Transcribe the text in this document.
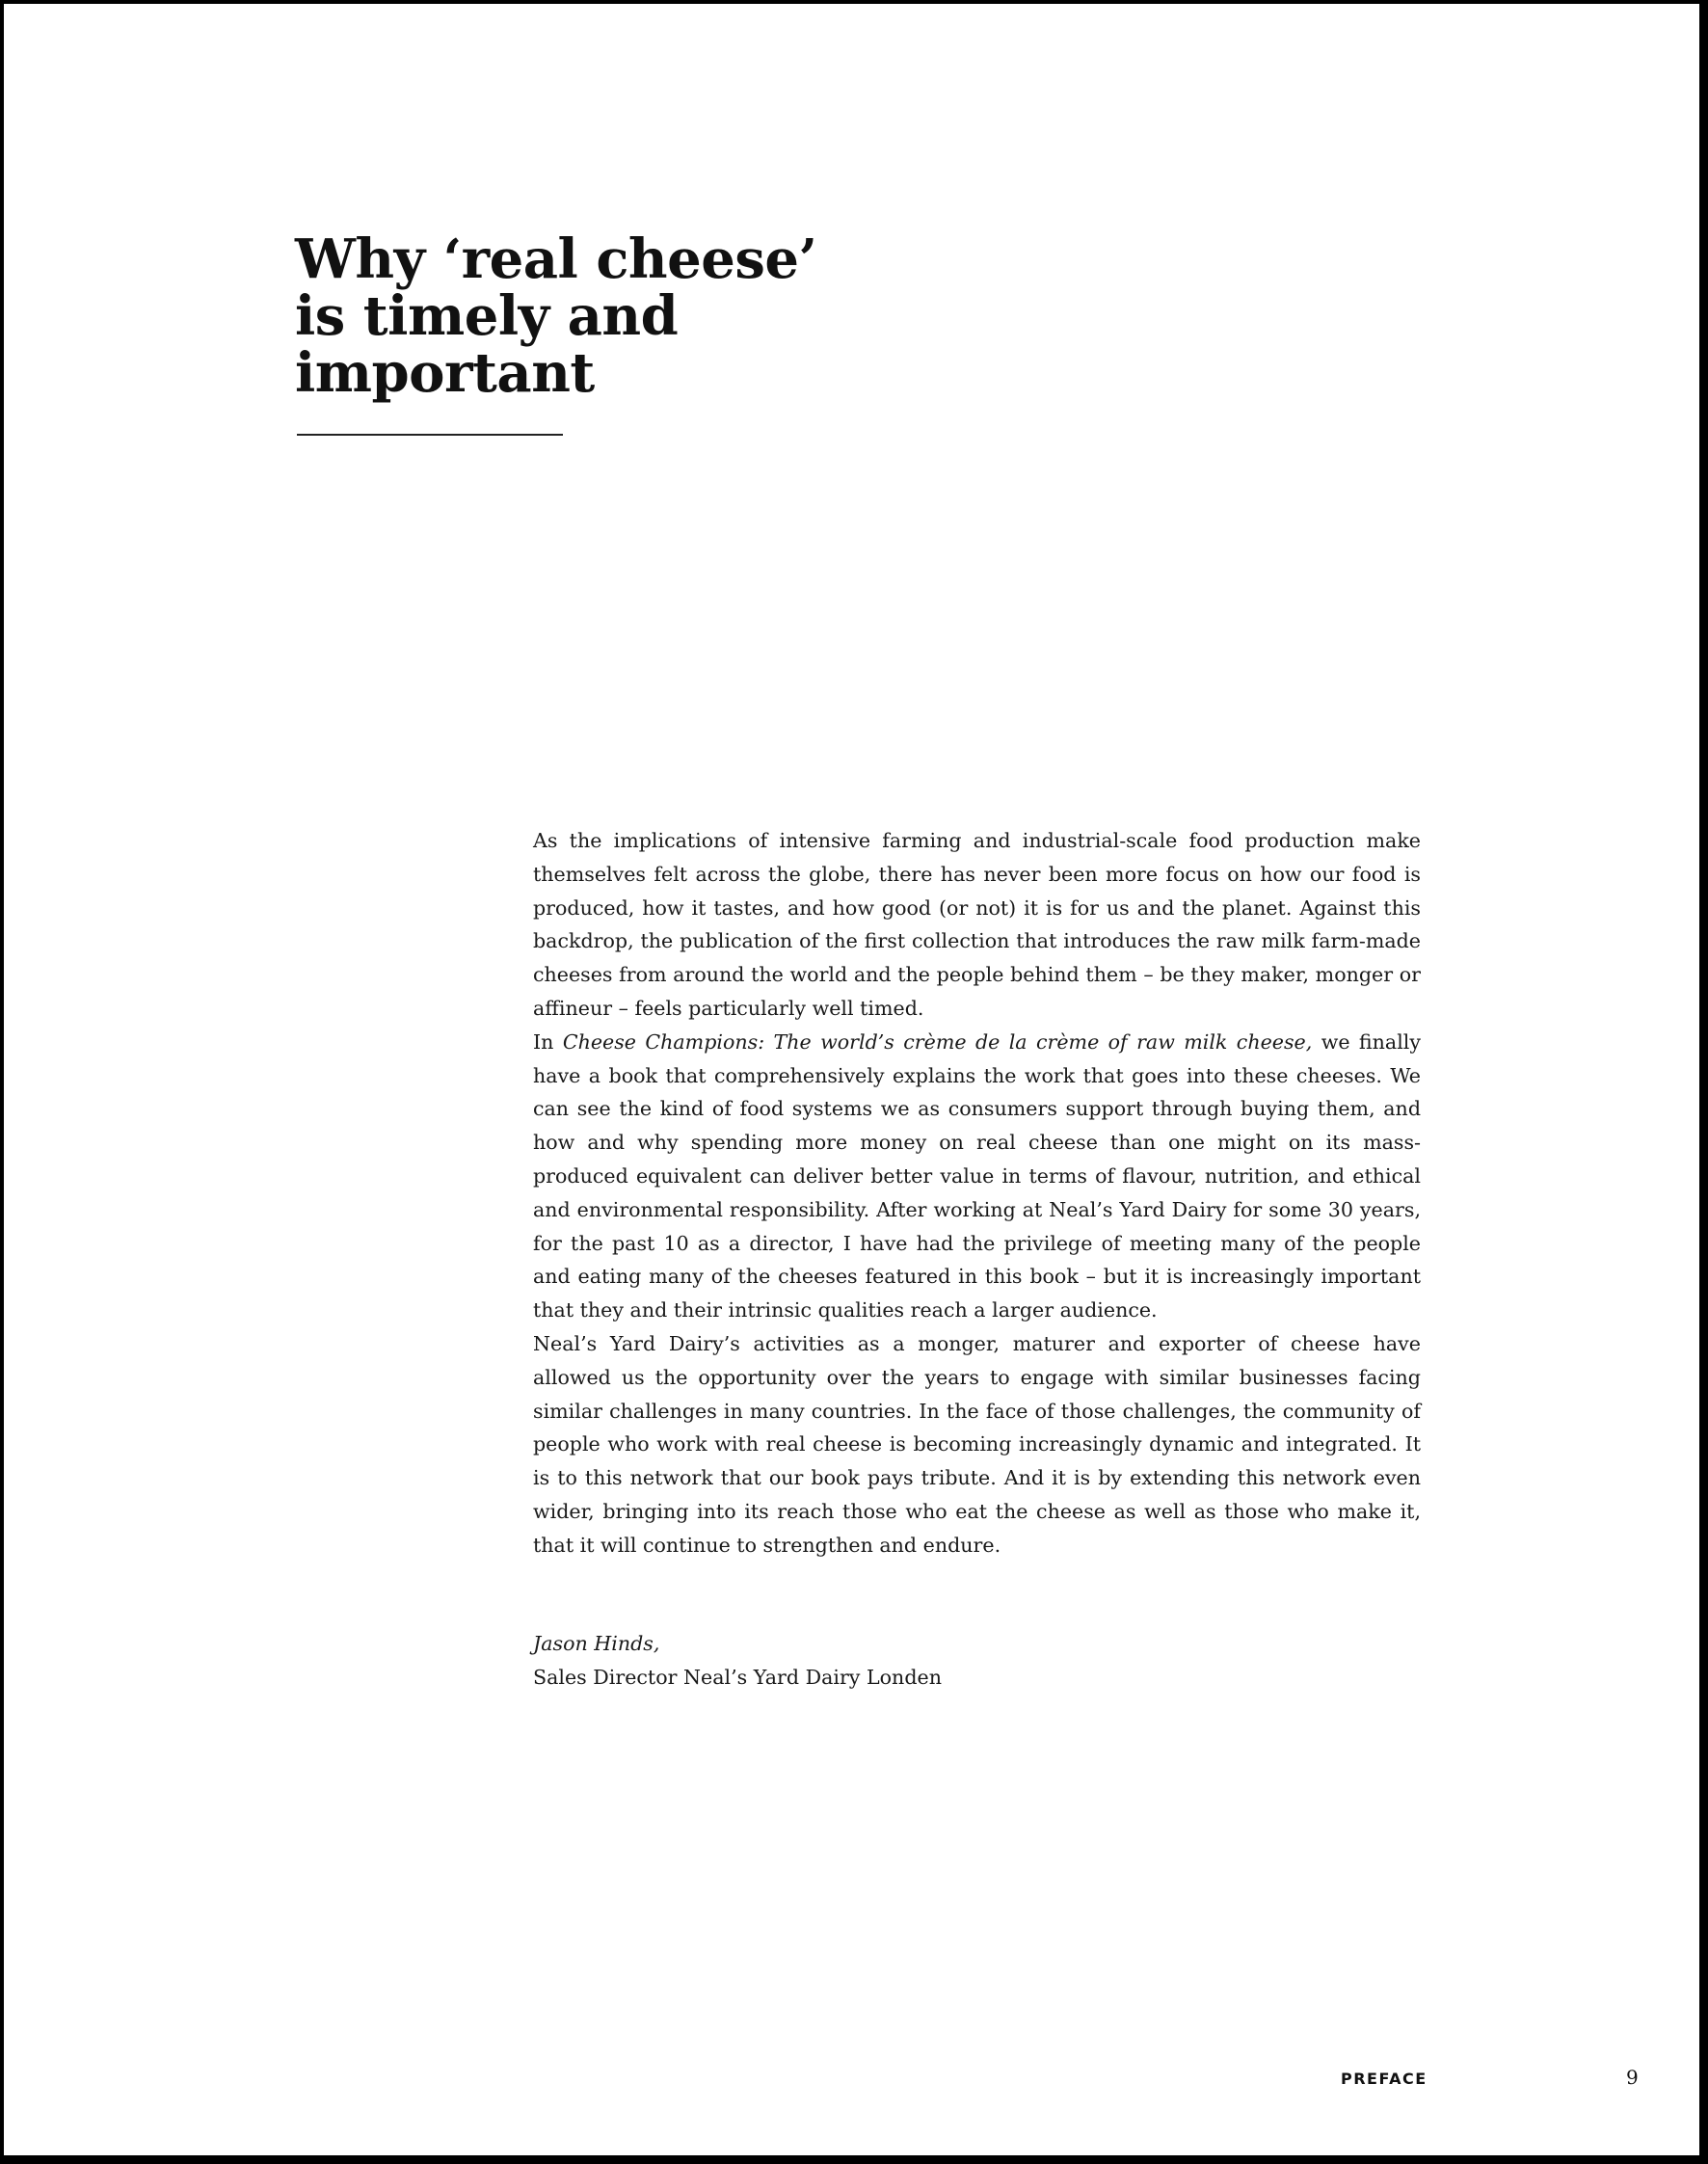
Why ‘real cheese’
is timely and
important

As the implications of intensive farming and industrial-scale food production make themselves felt across the globe, there has never been more focus on how our food is produced, how it tastes, and how good (or not) it is for us and the planet. Against this backdrop, the publication of the first collection that introduces the raw milk farm-made cheeses from around the world and the people behind them – be they maker, monger or affineur – feels particularly well timed.

In Cheese Champions: The world’s crème de la crème of raw milk cheese, we finally have a book that comprehensively explains the work that goes into these cheeses. We can see the kind of food systems we as consumers support through buying them, and how and why spending more money on real cheese than one might on its mass-produced equivalent can deliver better value in terms of flavour, nutrition, and ethical and environmental responsibility. After working at Neal’s Yard Dairy for some 30 years, for the past 10 as a director, I have had the privilege of meeting many of the people and eating many of the cheeses featured in this book – but it is increasingly important that they and their intrinsic qualities reach a larger audience.

Neal’s Yard Dairy’s activities as a monger, maturer and exporter of cheese have allowed us the opportunity over the years to engage with similar businesses facing similar challenges in many countries. In the face of those challenges, the community of people who work with real cheese is becoming increasingly dynamic and integrated. It is to this network that our book pays tribute. And it is by extending this network even wider, bringing into its reach those who eat the cheese as well as those who make it, that it will continue to strengthen and endure.

Jason Hinds,
Sales Director Neal’s Yard Dairy Londen
PREFACE	9
